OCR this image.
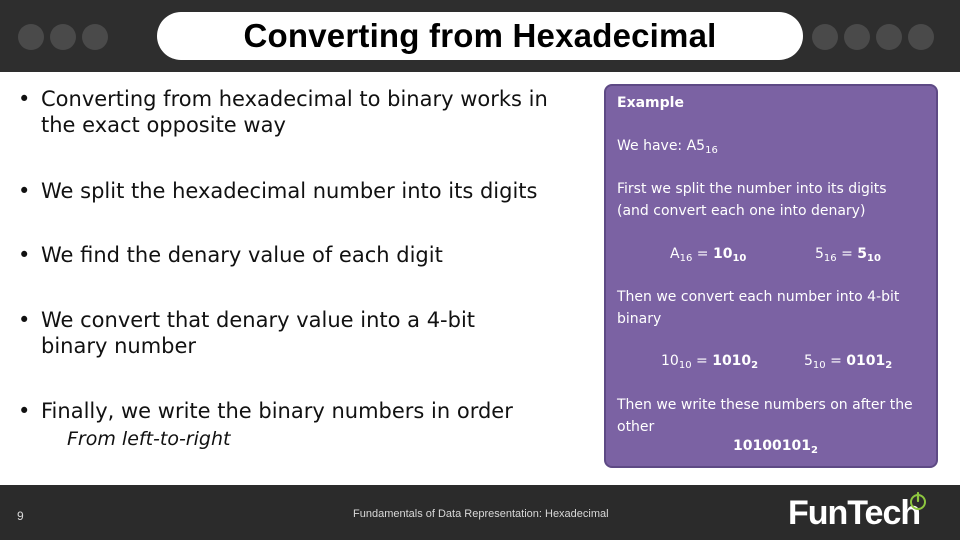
Converting from Hexadecimal
• Converting from hexadecimal to binary works in the exact opposite way
• We split the hexadecimal number into its digits
• We find the denary value of each digit
• We convert that denary value into a 4-bit binary number
• Finally, we write the binary numbers in order
From left-to-right
Example
We have: $A5_{16}$
First we split the number into its digits (and convert each one into denary)
$A_{16} = 10_{10}$	$5_{16} = 5_{10}$
Then we convert each number into 4-bit binary
$10_{10} = 1010_2$	$5_{10} = 0101_2$
Then we write these numbers on after the other
$10100101_2$
9	Fundamentals of Data Representation: Hexadecimal	FunTech
